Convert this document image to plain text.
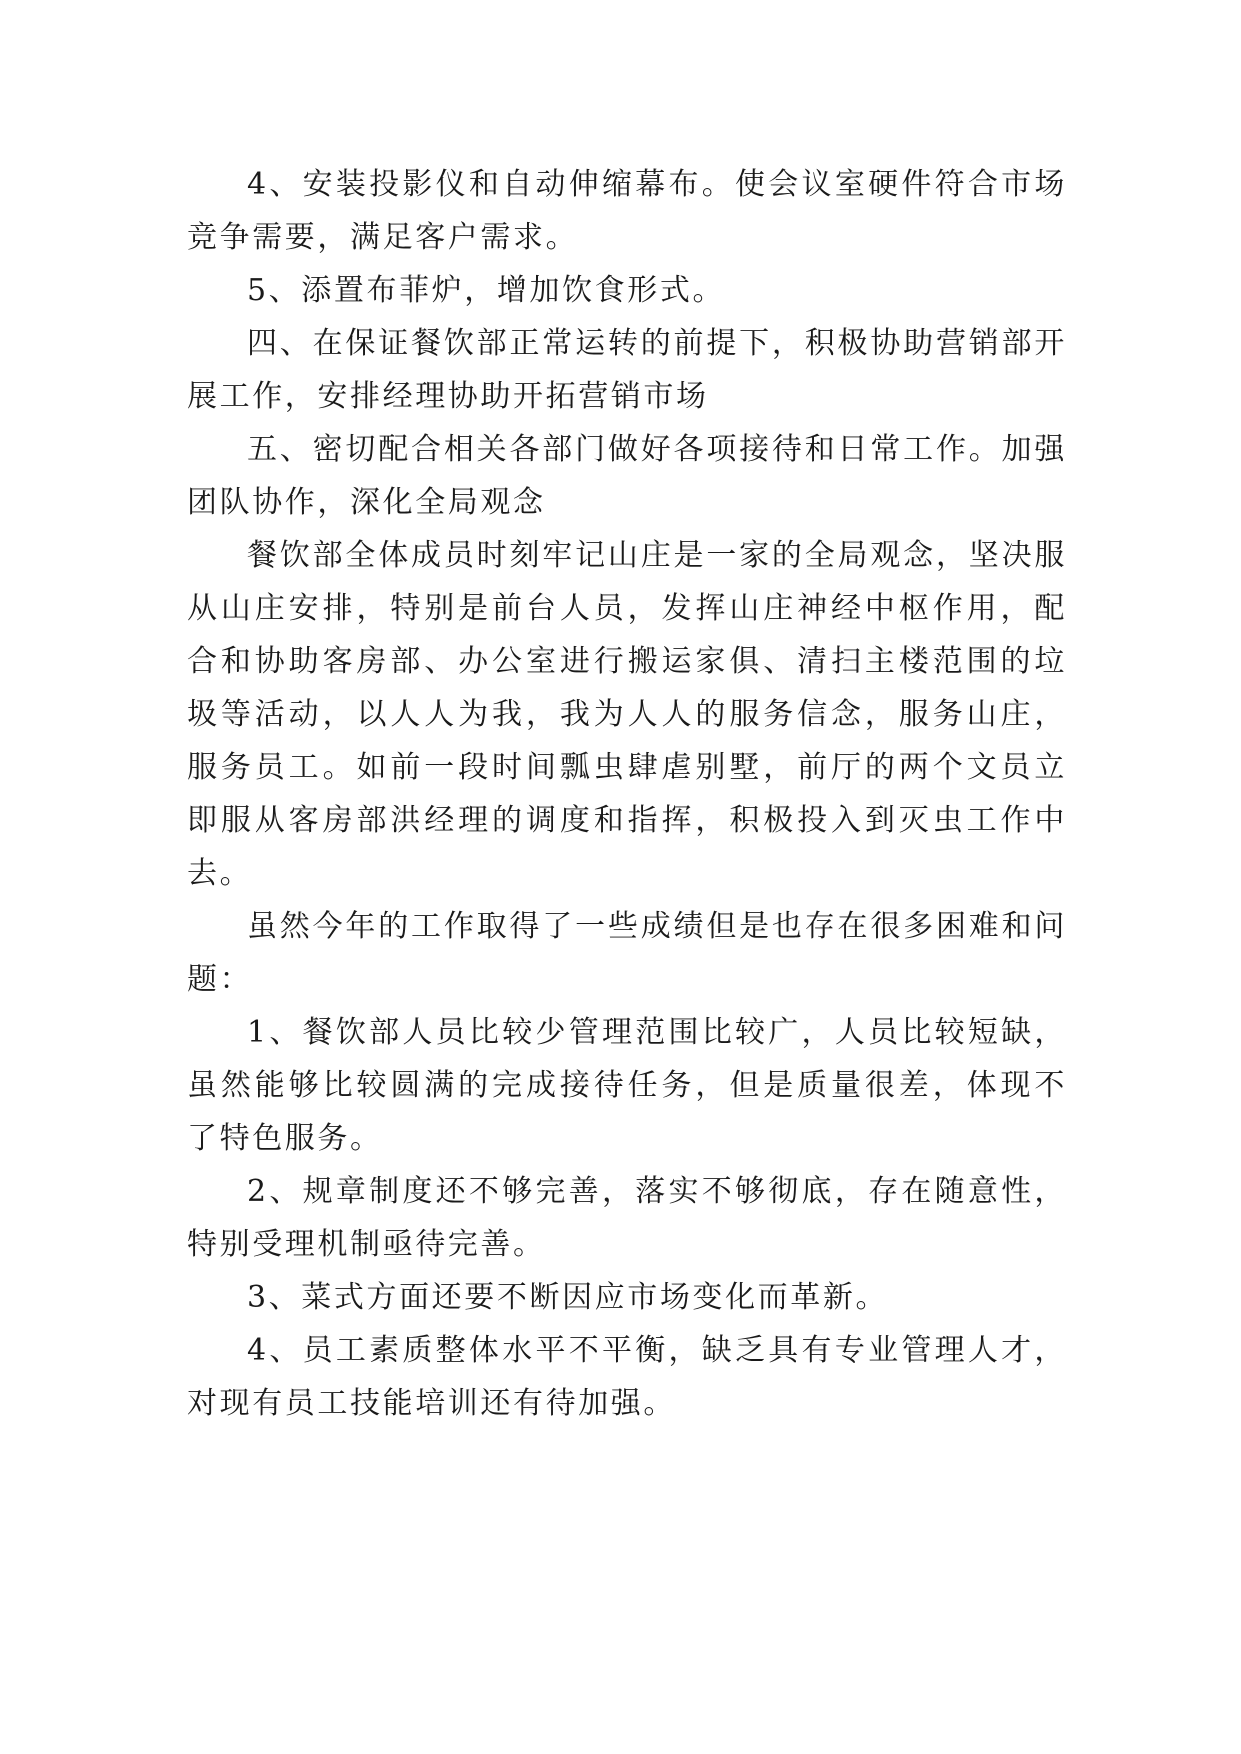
4、安装投影仪和自动伸缩幕布。使会议室硬件符合市场竞争需要，满足客户需求。

5、添置布菲炉，增加饮食形式。

四、在保证餐饮部正常运转的前提下，积极协助营销部开展工作，安排经理协助开拓营销市场

五、密切配合相关各部门做好各项接待和日常工作。加强团队协作，深化全局观念

餐饮部全体成员时刻牢记山庄是一家的全局观念，坚决服从山庄安排，特别是前台人员，发挥山庄神经中枢作用，配合和协助客房部、办公室进行搬运家俱、清扫主楼范围的垃圾等活动，以人人为我，我为人人的服务信念，服务山庄，服务员工。如前一段时间瓢虫肆虐别墅，前厅的两个文员立即服从客房部洪经理的调度和指挥，积极投入到灭虫工作中去。

虽然今年的工作取得了一些成绩但是也存在很多困难和问题：

1、餐饮部人员比较少管理范围比较广，人员比较短缺，虽然能够比较圆满的完成接待任务，但是质量很差，体现不了特色服务。

2、规章制度还不够完善，落实不够彻底，存在随意性，特别受理机制亟待完善。

3、菜式方面还要不断因应市场变化而革新。

4、员工素质整体水平不平衡，缺乏具有专业管理人才，对现有员工技能培训还有待加强。
